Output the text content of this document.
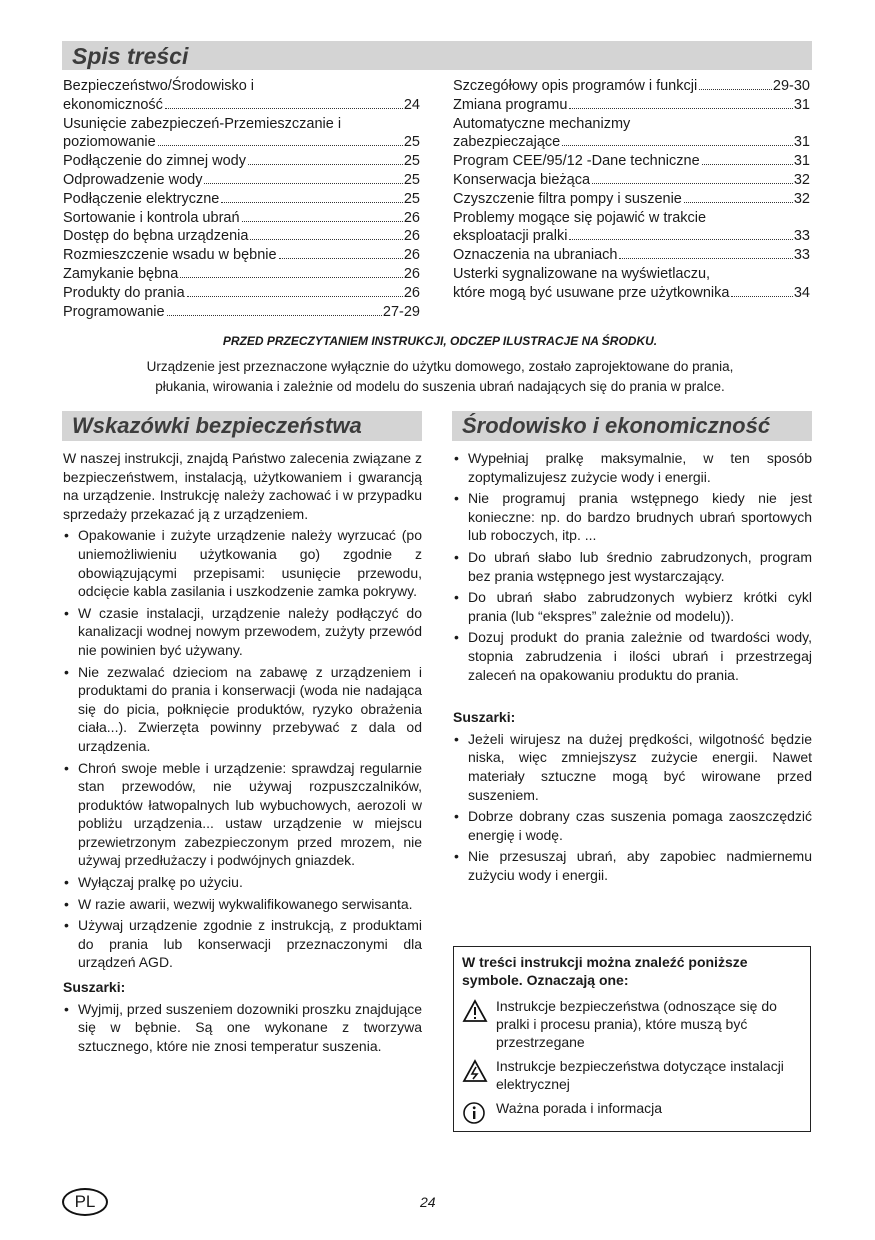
Spis treści
Bezpieczeństwo/Środowisko i
ekonomiczność	24
Usunięcie zabezpieczeń-Przemieszczanie i
poziomowanie	25
Podłączenie do zimnej wody	25
Odprowadzenie wody	25
Podłączenie elektryczne	25
Sortowanie i kontrola ubrań	26
Dostęp do bębna urządzenia	26
Rozmieszczenie wsadu w bębnie	26
Zamykanie bębna	26
Produkty do prania	26
Programowanie	27-29
Szczegółowy opis programów i funkcji	29-30
Zmiana programu	31
Automatyczne mechanizmy
zabezpieczające	31
Program CEE/95/12 -Dane techniczne	31
Konserwacja bieżąca	32
Czyszczenie filtra pompy i suszenie	32
Problemy mogące się pojawić w trakcie
eksploatacji pralki	33
Oznaczenia na ubraniach	33
Usterki sygnalizowane na wyświetlaczu,
które mogą być usuwane prze użytkownika	34
PRZED PRZECZYTANIEM INSTRUKCJI, ODCZEP ILUSTRACJE NA ŚRODKU.
Urządzenie jest przeznaczone wyłącznie do użytku domowego, zostało zaprojektowane do prania,
płukania, wirowania i zależnie od modelu do suszenia ubrań nadających się do prania w pralce.
Wskazówki bezpieczeństwa	Środowisko i ekonomiczność

W naszej instrukcji, znajdą Państwo zalecenia związane z bezpieczeństwem, instalacją, użytkowaniem i gwarancją na urządzenie. Instrukcję należy zachować i w przypadku sprzedaży przekazać ją z urządzeniem.

• Opakowanie i zużyte urządzenie należy wyrzucać (po uniemożliwieniu użytkowania go) zgodnie z obowiązującymi przepisami: usunięcie przewodu, odcięcie kabla zasilania i uszkodzenie zamka pokrywy.
• W czasie instalacji, urządzenie należy podłączyć do kanalizacji wodnej nowym przewodem, zużyty przewód nie powinien być używany.
• Nie zezwalać dzieciom na zabawę z urządzeniem i produktami do prania i konserwacji (woda nie nadająca się do picia, połknięcie produktów, ryzyko obrażenia ciała...). Zwierzęta powinny przebywać z dala od urządzenia.
• Chroń swoje meble i urządzenie: sprawdzaj regularnie stan przewodów, nie używaj rozpuszczalników, produktów łatwopalnych lub wybuchowych, aerozoli w pobliżu urządzenia... ustaw urządzenie w miejscu przewietrzonym zabezpieczonym przed mrozem, nie używaj przedłużaczy i podwójnych gniazdek.
• Wyłączaj pralkę po użyciu.
• W razie awarii, wezwij wykwalifikowanego serwisanta.
• Używaj urządzenie zgodnie z instrukcją, z produktami do prania lub konserwacji przeznaczonymi dla urządzeń AGD.
Suszarki:
• Wyjmij, przed suszeniem dozowniki proszku znajdujące się w bębnie. Są one wykonane z tworzywa sztucznego, które nie znosi temperatur suszenia.
• Wypełniaj pralkę maksymalnie, w ten sposób zoptymalizujesz zużycie wody i energii.
• Nie programuj prania wstępnego kiedy nie jest konieczne: np. do bardzo brudnych ubrań sportowych lub roboczych, itp. ...
• Do ubrań słabo lub średnio zabrudzonych, program bez prania wstępnego jest wystarczający.
• Do ubrań słabo zabrudzonych wybierz krótki cykl prania (lub “ekspres” zależnie od modelu)).
• Dozuj produkt do prania zależnie od twardości wody, stopnia zabrudzenia i ilości ubrań i przestrzegaj zaleceń na opakowaniu produktu do prania.
Suszarki:
• Jeżeli wirujesz na dużej prędkości, wilgotność będzie niska, więc zmniejszysz zużycie energii. Nawet materiały sztuczne mogą być wirowane przed suszeniem.
• Dobrze dobrany czas suszenia pomaga zaoszczędzić energię i wodę.
• Nie przesuszaj ubrań, aby zapobiec nadmiernemu zużyciu wody i energii.

W treści instrukcji można znaleźć poniższe symbole. Oznaczają one:

Instrukcje bezpieczeństwa (odnoszące się do pralki i procesu prania), które muszą być przestrzegane
Instrukcje bezpieczeństwa dotyczące instalacji elektrycznej
Ważna porada i informacja
PL	24
